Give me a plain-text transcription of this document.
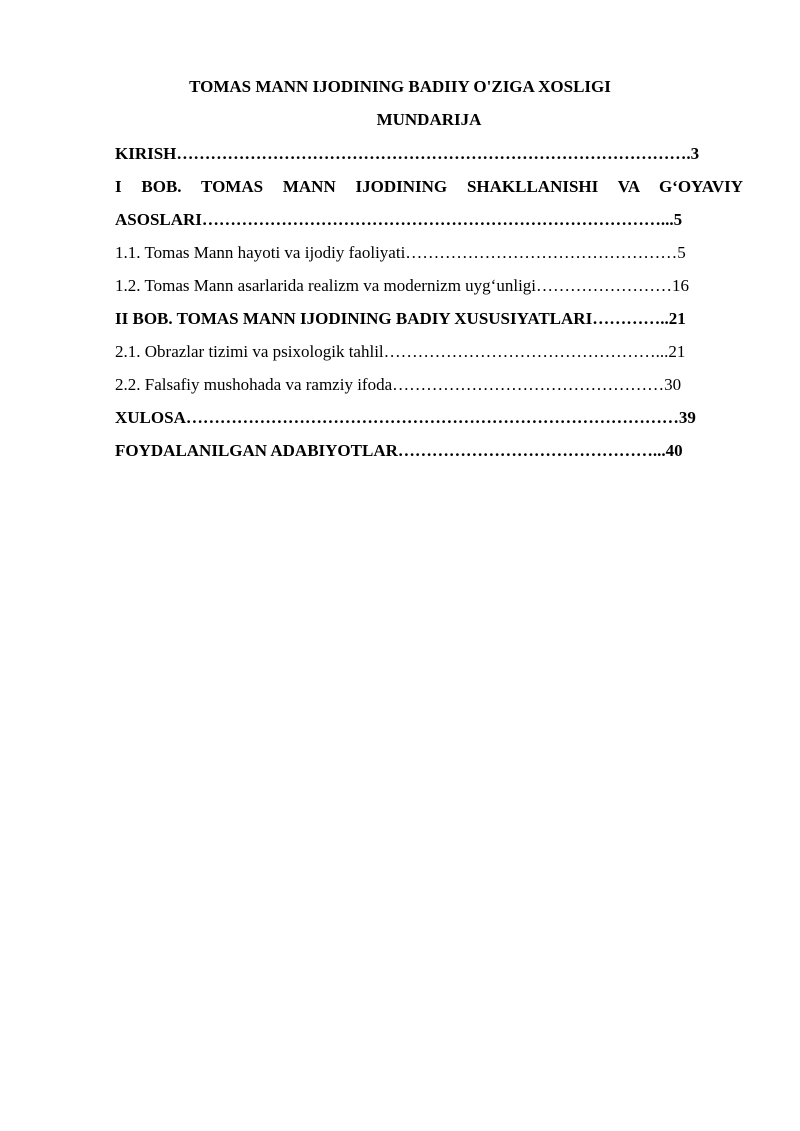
TOMAS MANN IJODINING BADIIY O'ZIGA XOSLIGI
MUNDARIJA
KIRISH……………………………………………………………………………….3
I BOB. TOMAS MANN IJODINING SHAKLLANISHI VA G‘OYAVIY
ASOSLARI………………………………………………………………………...5
1.1. Tomas Mann hayoti va ijodiy faoliyati…………………………………………5
1.2. Tomas Mann asarlarida realizm va modernizm uyg‘unligi……………………16
II BOB. TOMAS MANN IJODINING BADIY XUSUSIYATLARI…………..21
2.1. Obrazlar tizimi va psixologik tahlil…………………………………………...21
2.2. Falsafiy mushohada va ramziy ifoda…………………………………………30
XULOSA……………………………………………………………………………39
FOYDALANILGAN ADABIYOTLAR………………………………………...40
